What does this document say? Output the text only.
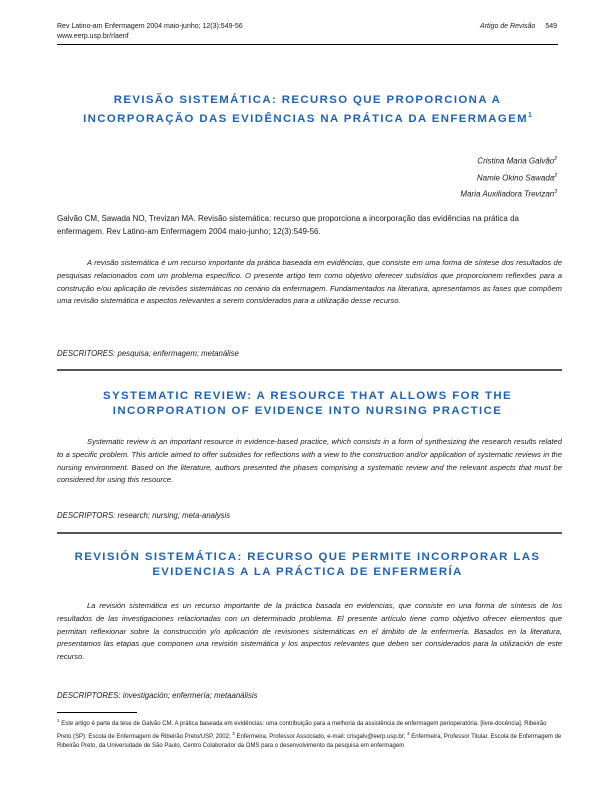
Rev Latino-am Enfermagem 2004 maio-junho; 12(3):549-56
www.eerp.usp.br/rlaenf
Artigo de Revisão 549
REVISÃO SISTEMÁTICA: RECURSO QUE PROPORCIONA A
INCORPORAÇÃO DAS EVIDÊNCIAS NA PRÁTICA DA ENFERMAGEM$^1$
Cristina Maria Galvão$^2$
Namie Okino Sawada$^2$
Maria Auxiliadora Trevizan$^3$
Galvão CM, Sawada NO, Trevizan MA. Revisão sistemática: recurso que proporciona a incorporação das evidências na prática da enfermagem. Rev Latino-am Enfermagem 2004 maio-junho; 12(3):549-56.
A revisão sistemática é um recurso importante da prática baseada em evidências, que consiste em uma forma de síntese dos resultados de pesquisas relacionados com um problema específico. O presente artigo tem como objetivo oferecer subsídios que proporcionem reflexões para a construção e/ou aplicação de revisões sistemáticas no cenário da enfermagem. Fundamentados na literatura, apresentamos as fases que compõem uma revisão sistemática e aspectos relevantes a serem considerados para a utilização desse recurso.
DESCRITORES: pesquisa; enfermagem; metanálise
SYSTEMATIC REVIEW: A RESOURCE THAT ALLOWS FOR THE
INCORPORATION OF EVIDENCE INTO NURSING PRACTICE
Systematic review is an important resource in evidence-based practice, which consists in a form of synthesizing the research results related to a specific problem. This article aimed to offer subsidies for reflections with a view to the construction and/or application of systematic reviews in the nursing environment. Based on the literature, authors presented the phases comprising a systematic review and the relevant aspects that must be considered for using this resource.
DESCRIPTORS: research; nursing; meta-analysis
REVISIÓN SISTEMÁTICA: RECURSO QUE PERMITE INCORPORAR LAS
EVIDENCIAS A LA PRÁCTICA DE ENFERMERÍA
La revisión sistemática es un recurso importante de la práctica basada en evidencias, que consiste en una forma de síntesis de los resultados de las investigaciones relacionadas con un determinado problema. El presente artículo tiene como objetivo ofrecer elementos que permitan reflexionar sobre la construcción y/o aplicación de revisiones sistemáticas en el ámbito de la enfermería. Basados en la literatura, presentamos las etapas que componen una revisión sistemática y los aspectos relevantes que deben ser considerados para la utilización de este recurso.
DESCRIPTORES: investigación; enfermería; metaanálisis
$^1$ Este artigo é parte da tese de Galvão CM. A prática baseada em evidências: uma contribuição para a melhoria da assistência de enfermagem perioperatória. [livre-docência]. Ribeirão Preto (SP): Escola de Enfermagem de Ribeirão Preto/USP, 2002; $^2$ Enfermeira, Professor Associado, e-mail: crisgalv@eerp.usp.br; $^3$ Enfermeira, Professor Titular. Escola de Enfermagem de Ribeirão Preto, da Universidade de São Paulo, Centro Colaborador da OMS para o desenvolvimento da pesquisa em enfermagem
